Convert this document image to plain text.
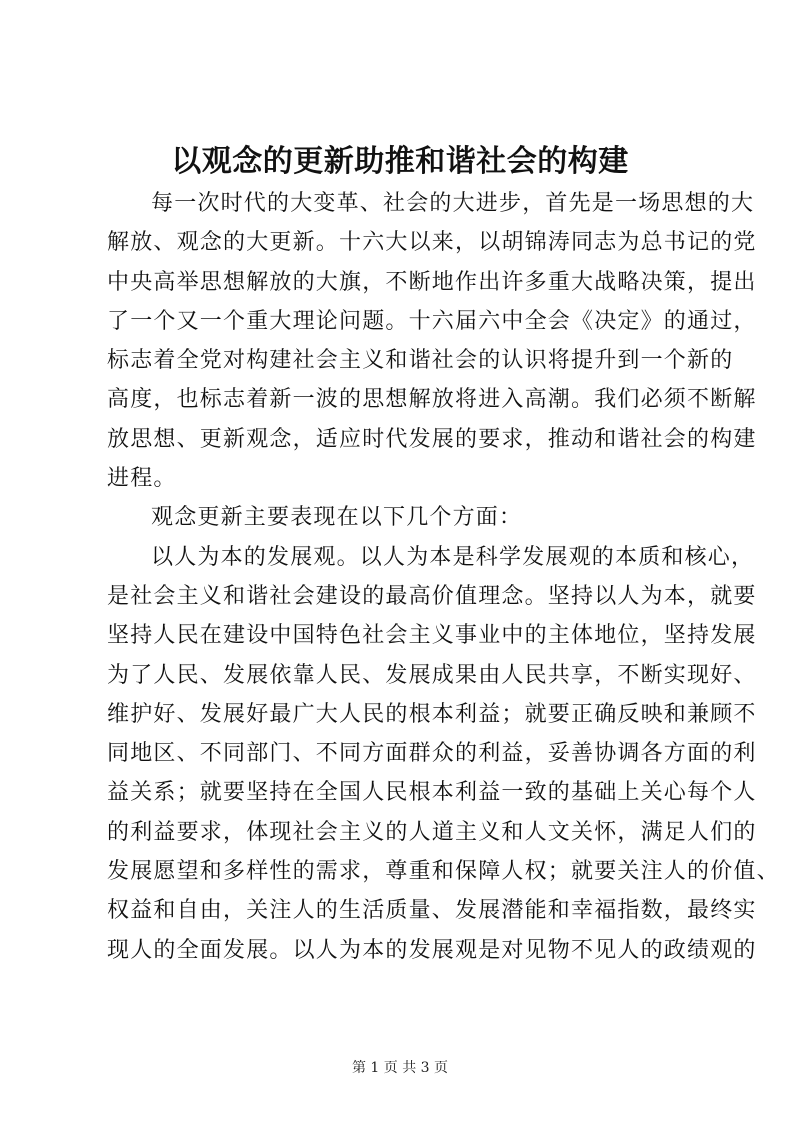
以观念的更新助推和谐社会的构建
每一次时代的大变革、社会的大进步，首先是一场思想的大
解放、观念的大更新。十六大以来，以胡锦涛同志为总书记的党
中央高举思想解放的大旗，不断地作出许多重大战略决策，提出
了一个又一个重大理论问题。十六届六中全会《决定》的通过，
标志着全党对构建社会主义和谐社会的认识将提升到一个新的
高度，也标志着新一波的思想解放将进入高潮。我们必须不断解
放思想、更新观念，适应时代发展的要求，推动和谐社会的构建
进程。
观念更新主要表现在以下几个方面：
以人为本的发展观。以人为本是科学发展观的本质和核心，
是社会主义和谐社会建设的最高价值理念。坚持以人为本，就要
坚持人民在建设中国特色社会主义事业中的主体地位，坚持发展
为了人民、发展依靠人民、发展成果由人民共享，不断实现好、
维护好、发展好最广大人民的根本利益；就要正确反映和兼顾不
同地区、不同部门、不同方面群众的利益，妥善协调各方面的利
益关系；就要坚持在全国人民根本利益一致的基础上关心每个人
的利益要求，体现社会主义的人道主义和人文关怀，满足人们的
发展愿望和多样性的需求，尊重和保障人权；就要关注人的价值、
权益和自由，关注人的生活质量、发展潜能和幸福指数，最终实
现人的全面发展。以人为本的发展观是对见物不见人的政绩观的
第 1 页 共 3 页
